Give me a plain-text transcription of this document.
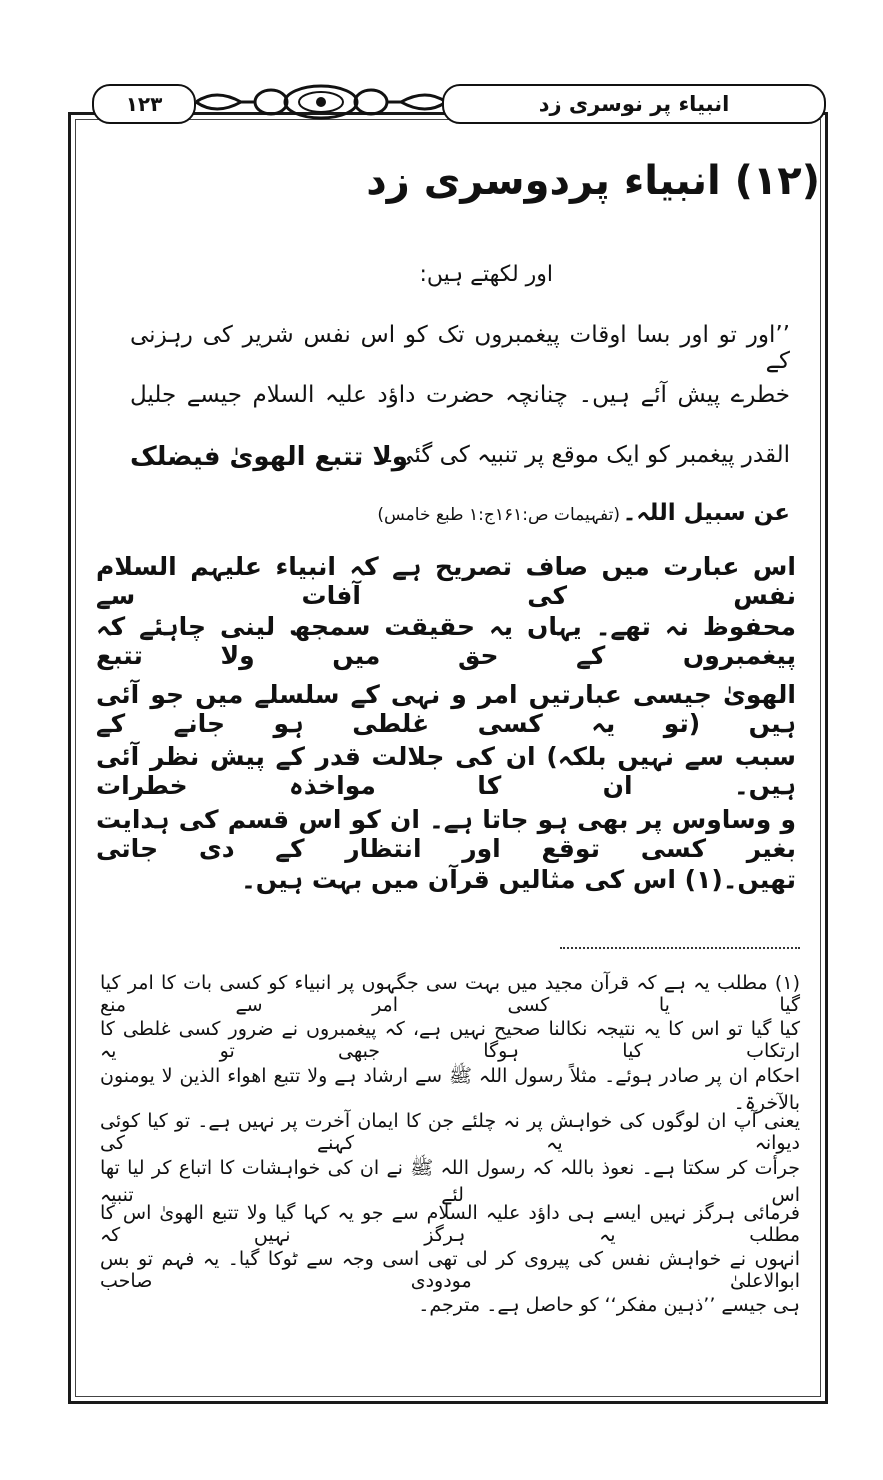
۱۲۳	انبیاء پر نوسری زد
(۱۲) انبیاء پردوسری زد
اور لکھتے ہیں:

’’اور تو اور بسا اوقات پیغمبروں تک کو اس نفس شریر کی رہزنی کے

خطرے پیش آئے ہیں۔ چنانچہ حضرت داؤد علیہ السلام جیسے جلیل

ولا تتبع الھویٰ فیضلک

القدر پیغمبر کو ایک موقع پر تنبیہ کی گئی۔

عن سبیل اللہ۔
(تفہیمات ص:۱۶۱ج:۱ طبع خامس)

اس عبارت میں صاف تصریح ہے کہ انبیاء علیہم السلام نفس کی آفات سے

محفوظ نہ تھے۔ یہاں یہ حقیقت سمجھ لینی چاہئے کہ پیغمبروں کے حق میں ولا تتبع

الھویٰ جیسی عبارتیں امر و نہی کے سلسلے میں جو آئی ہیں (تو یہ کسی غلطی ہو جانے کے

سبب سے نہیں بلکہ) ان کی جلالت قدر کے پیش نظر آئی ہیں۔ ان کا مواخذہ خطرات

و وساوس پر بھی ہو جاتا ہے۔ ان کو اس قسم کی ہدایت بغیر کسی توقع اور انتظار کے دی جاتی

تھیں۔(۱) اس کی مثالیں قرآن میں بہت ہیں۔

(۱) مطلب یہ ہے کہ قرآن مجید میں بہت سی جگہوں پر انبیاء کو کسی بات کا امر کیا گیا یا کسی امر سے منع

کیا گیا تو اس کا یہ نتیجہ نکالنا صحیح نہیں ہے، کہ پیغمبروں نے ضرور کسی غلطی کا ارتکاب کیا ہوگا جبھی تو یہ

احکام ان پر صادر ہوئے۔ مثلاً رسول اللہ ﷺ سے ارشاد ہے ولا تتبع اھواء الذین لا یومنون بالآخرۃ۔

یعنی آپ ان لوگوں کی خواہش پر نہ چلئے جن کا ایمان آخرت پر نہیں ہے۔ تو کیا کوئی دیوانہ یہ کہنے کی

جرأت کر سکتا ہے۔ نعوذ باللہ کہ رسول اللہ ﷺ نے ان کی خواہشات کا اتباع کر لیا تھا اس لئے تنبیہ

فرمائی ہرگز نہیں ایسے ہی داؤد علیہ السلام سے جو یہ کہا گیا ولا تتبع الھویٰ اس کا مطلب یہ ہرگز نہیں کہ

انہوں نے خواہش نفس کی پیروی کر لی تھی اسی وجہ سے ٹوکا گیا۔ یہ فہم تو بس ابوالاعلیٰ مودودی صاحب

ہی جیسے ’’ذہین مفکر‘‘ کو حاصل ہے۔ مترجم۔
